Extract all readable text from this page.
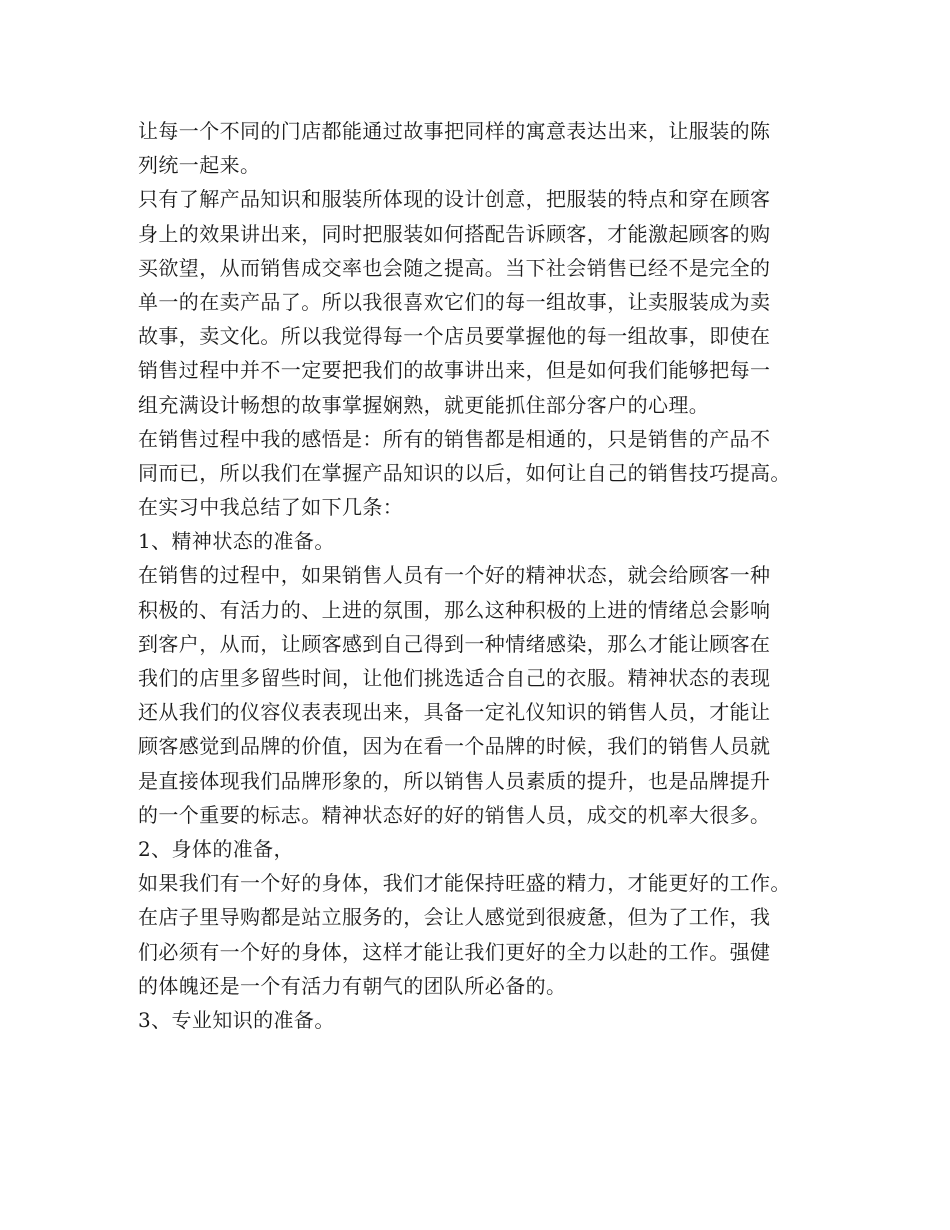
让每一个不同的门店都能通过故事把同样的寓意表达出来，让服装的陈
列统一起来。
只有了解产品知识和服装所体现的设计创意，把服装的特点和穿在顾客
身上的效果讲出来，同时把服装如何搭配告诉顾客，才能激起顾客的购
买欲望，从而销售成交率也会随之提高。当下社会销售已经不是完全的
单一的在卖产品了。所以我很喜欢它们的每一组故事，让卖服装成为卖
故事，卖文化。所以我觉得每一个店员要掌握他的每一组故事，即使在
销售过程中并不一定要把我们的故事讲出来，但是如何我们能够把每一
组充满设计畅想的故事掌握娴熟，就更能抓住部分客户的心理。
在销售过程中我的感悟是：所有的销售都是相通的，只是销售的产品不
同而已，所以我们在掌握产品知识的以后，如何让自己的销售技巧提高。
在实习中我总结了如下几条：
1、精神状态的准备。
在销售的过程中，如果销售人员有一个好的精神状态，就会给顾客一种
积极的、有活力的、上进的氛围，那么这种积极的上进的情绪总会影响
到客户，从而，让顾客感到自己得到一种情绪感染，那么才能让顾客在
我们的店里多留些时间，让他们挑选适合自己的衣服。精神状态的表现
还从我们的仪容仪表表现出来，具备一定礼仪知识的销售人员，才能让
顾客感觉到品牌的价值，因为在看一个品牌的时候，我们的销售人员就
是直接体现我们品牌形象的，所以销售人员素质的提升，也是品牌提升
的一个重要的标志。精神状态好的好的销售人员，成交的机率大很多。
2、身体的准备，
如果我们有一个好的身体，我们才能保持旺盛的精力，才能更好的工作。
在店子里导购都是站立服务的，会让人感觉到很疲惫，但为了工作，我
们必须有一个好的身体，这样才能让我们更好的全力以赴的工作。强健
的体魄还是一个有活力有朝气的团队所必备的。
3、专业知识的准备。
